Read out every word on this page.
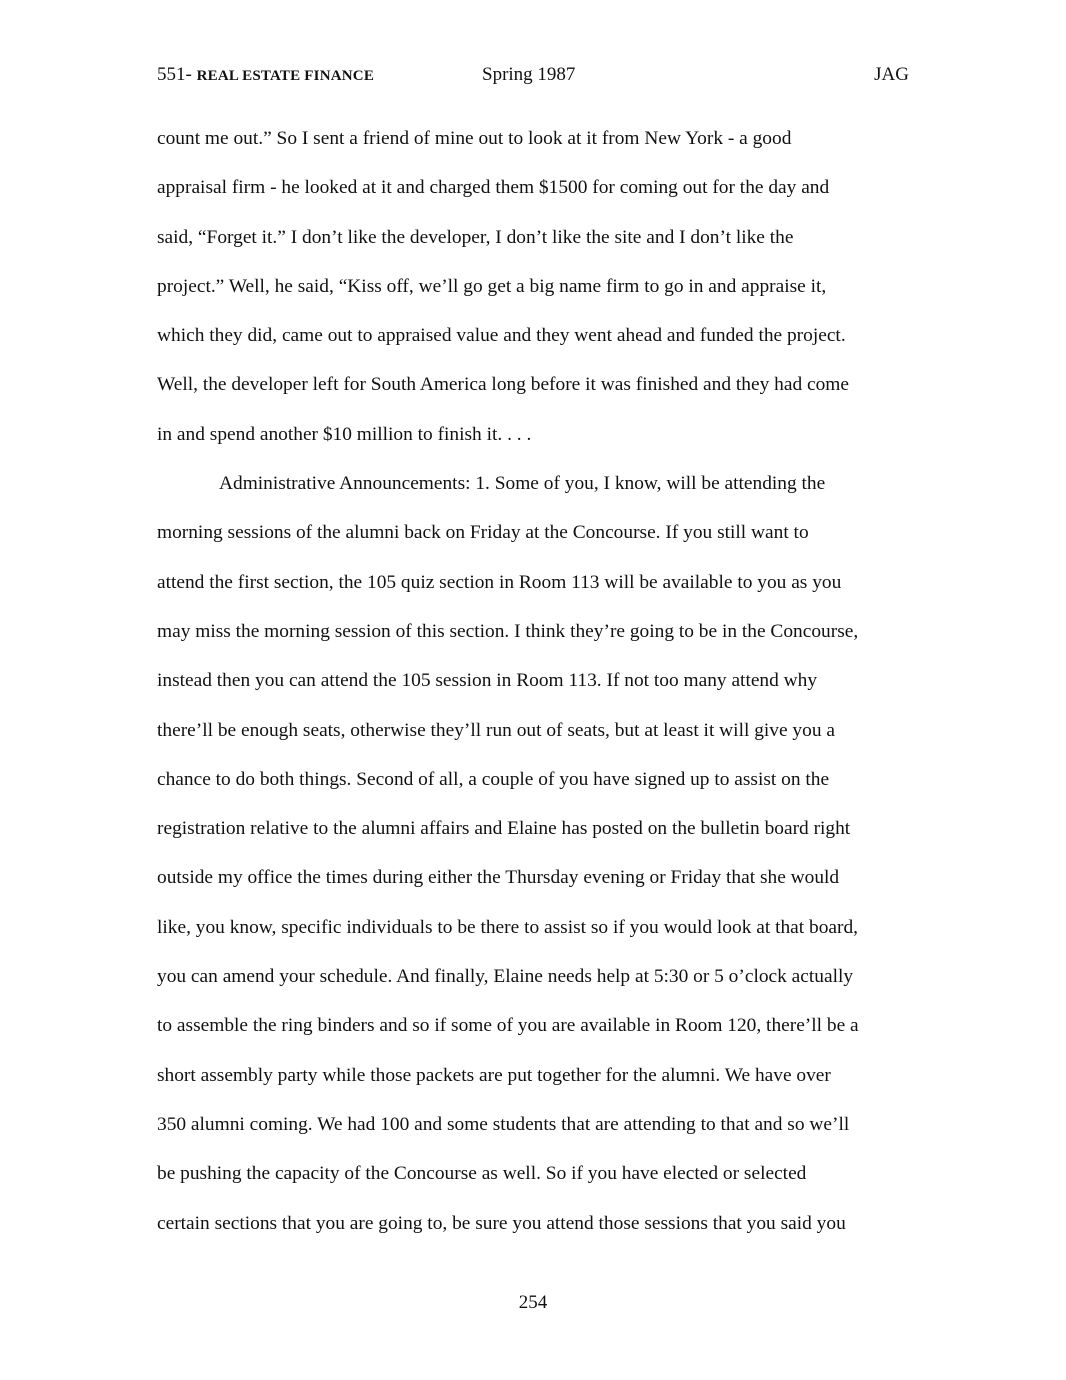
551- REAL ESTATE FINANCE	Spring 1987	JAG
count me out.” So I sent a friend of mine out to look at it from New York - a good
appraisal firm - he looked at it and charged them $1500 for coming out for the day and
said, “Forget it.” I don’t like the developer, I don’t like the site and I don’t like the
project.” Well, he said, “Kiss off, we’ll go get a big name firm to go in and appraise it,
which they did, came out to appraised value and they went ahead and funded the project.
Well, the developer left for South America long before it was finished and they had come
in and spend another $10 million to finish it. . . .
Administrative Announcements: 1. Some of you, I know, will be attending the
morning sessions of the alumni back on Friday at the Concourse. If you still want to
attend the first section, the 105 quiz section in Room 113 will be available to you as you
may miss the morning session of this section. I think they’re going to be in the Concourse,
instead then you can attend the 105 session in Room 113. If not too many attend why
there’ll be enough seats, otherwise they’ll run out of seats, but at least it will give you a
chance to do both things. Second of all, a couple of you have signed up to assist on the
registration relative to the alumni affairs and Elaine has posted on the bulletin board right
outside my office the times during either the Thursday evening or Friday that she would
like, you know, specific individuals to be there to assist so if you would look at that board,
you can amend your schedule. And finally, Elaine needs help at 5:30 or 5 o’clock actually
to assemble the ring binders and so if some of you are available in Room 120, there’ll be a
short assembly party while those packets are put together for the alumni. We have over
350 alumni coming. We had 100 and some students that are attending to that and so we’ll
be pushing the capacity of the Concourse as well. So if you have elected or selected
certain sections that you are going to, be sure you attend those sessions that you said you
254
